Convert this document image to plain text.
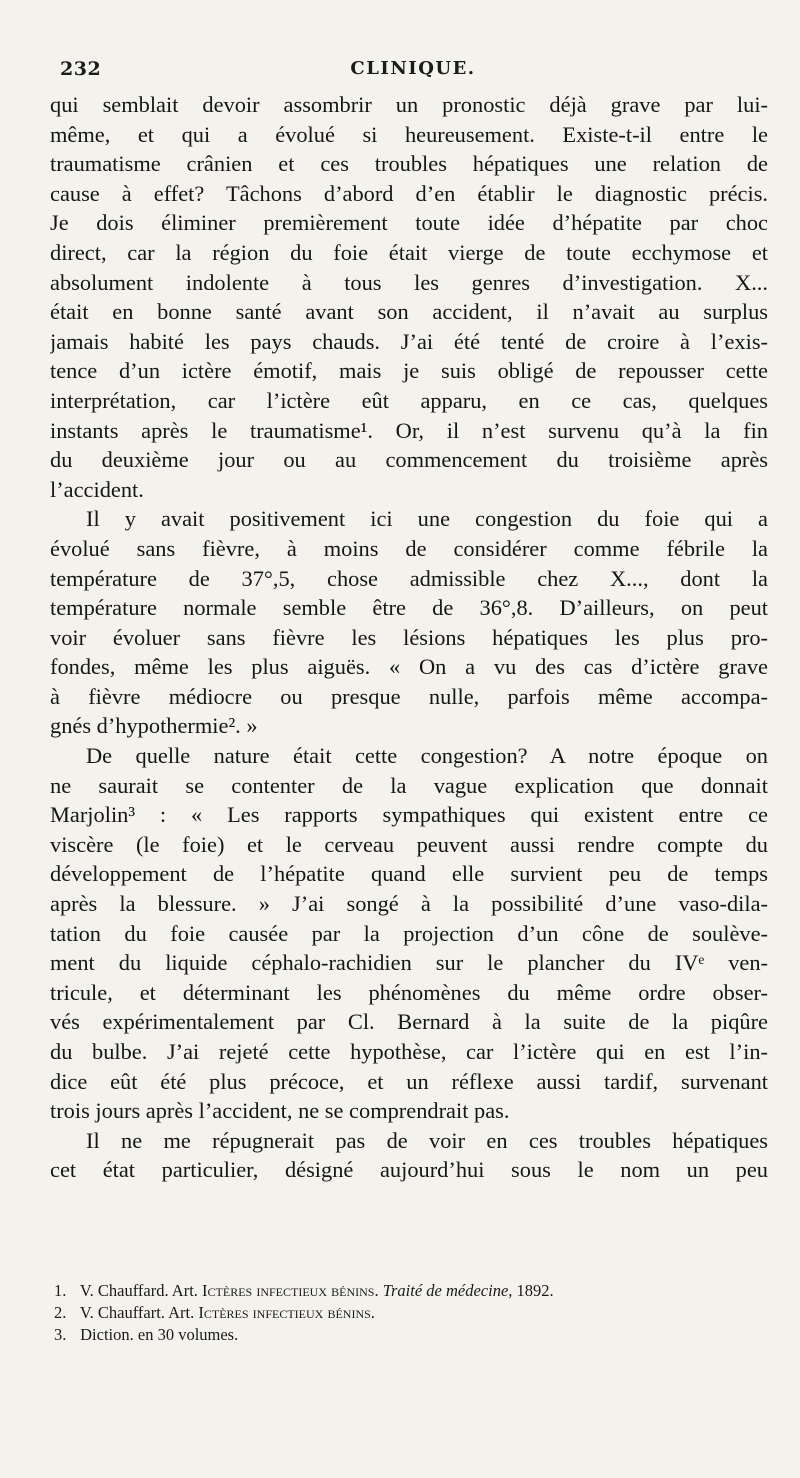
232	CLINIQUE.
qui semblait devoir assombrir un pronostic déjà grave par lui-
même, et qui a évolué si heureusement. Existe-t-il entre le
traumatisme crânien et ces troubles hépatiques une relation de
cause à effet? Tâchons d’abord d’en établir le diagnostic précis.
Je dois éliminer premièrement toute idée d’hépatite par choc
direct, car la région du foie était vierge de toute ecchymose et
absolument indolente à tous les genres d’investigation. X...
était en bonne santé avant son accident, il n’avait au surplus
jamais habité les pays chauds. J’ai été tenté de croire à l’exis-
tence d’un ictère émotif, mais je suis obligé de repousser cette
interprétation, car l’ictère eût apparu, en ce cas, quelques
instants après le traumatisme¹. Or, il n’est survenu qu’à la fin
du deuxième jour ou au commencement du troisième après
l’accident.
Il y avait positivement ici une congestion du foie qui a
évolué sans fièvre, à moins de considérer comme fébrile la
température de 37°,5, chose admissible chez X..., dont la
température normale semble être de 36°,8. D’ailleurs, on peut
voir évoluer sans fièvre les lésions hépatiques les plus pro-
fondes, même les plus aiguës. « On a vu des cas d’ictère grave
à fièvre médiocre ou presque nulle, parfois même accompa-
gnés d’hypothermie². »
De quelle nature était cette congestion? A notre époque on
ne saurait se contenter de la vague explication que donnait
Marjolin³ : « Les rapports sympathiques qui existent entre ce
viscère (le foie) et le cerveau peuvent aussi rendre compte du
développement de l’hépatite quand elle survient peu de temps
après la blessure. » J’ai songé à la possibilité d’une vaso-dila-
tation du foie causée par la projection d’un cône de soulève-
ment du liquide céphalo-rachidien sur le plancher du IVᵉ ven-
tricule, et déterminant les phénomènes du même ordre obser-
vés expérimentalement par Cl. Bernard à la suite de la piqûre
du bulbe. J’ai rejeté cette hypothèse, car l’ictère qui en est l’in-
dice eût été plus précoce, et un réflexe aussi tardif, survenant
trois jours après l’accident, ne se comprendrait pas.
Il ne me répugnerait pas de voir en ces troubles hépatiques
cet état particulier, désigné aujourd’hui sous le nom un peu
1. V. Chauffard. Art. Ictères infectieux bénins. Traité de médecine, 1892.
2. V. Chauffart. Art. Ictères infectieux bénins.
3. Diction. en 30 volumes.
